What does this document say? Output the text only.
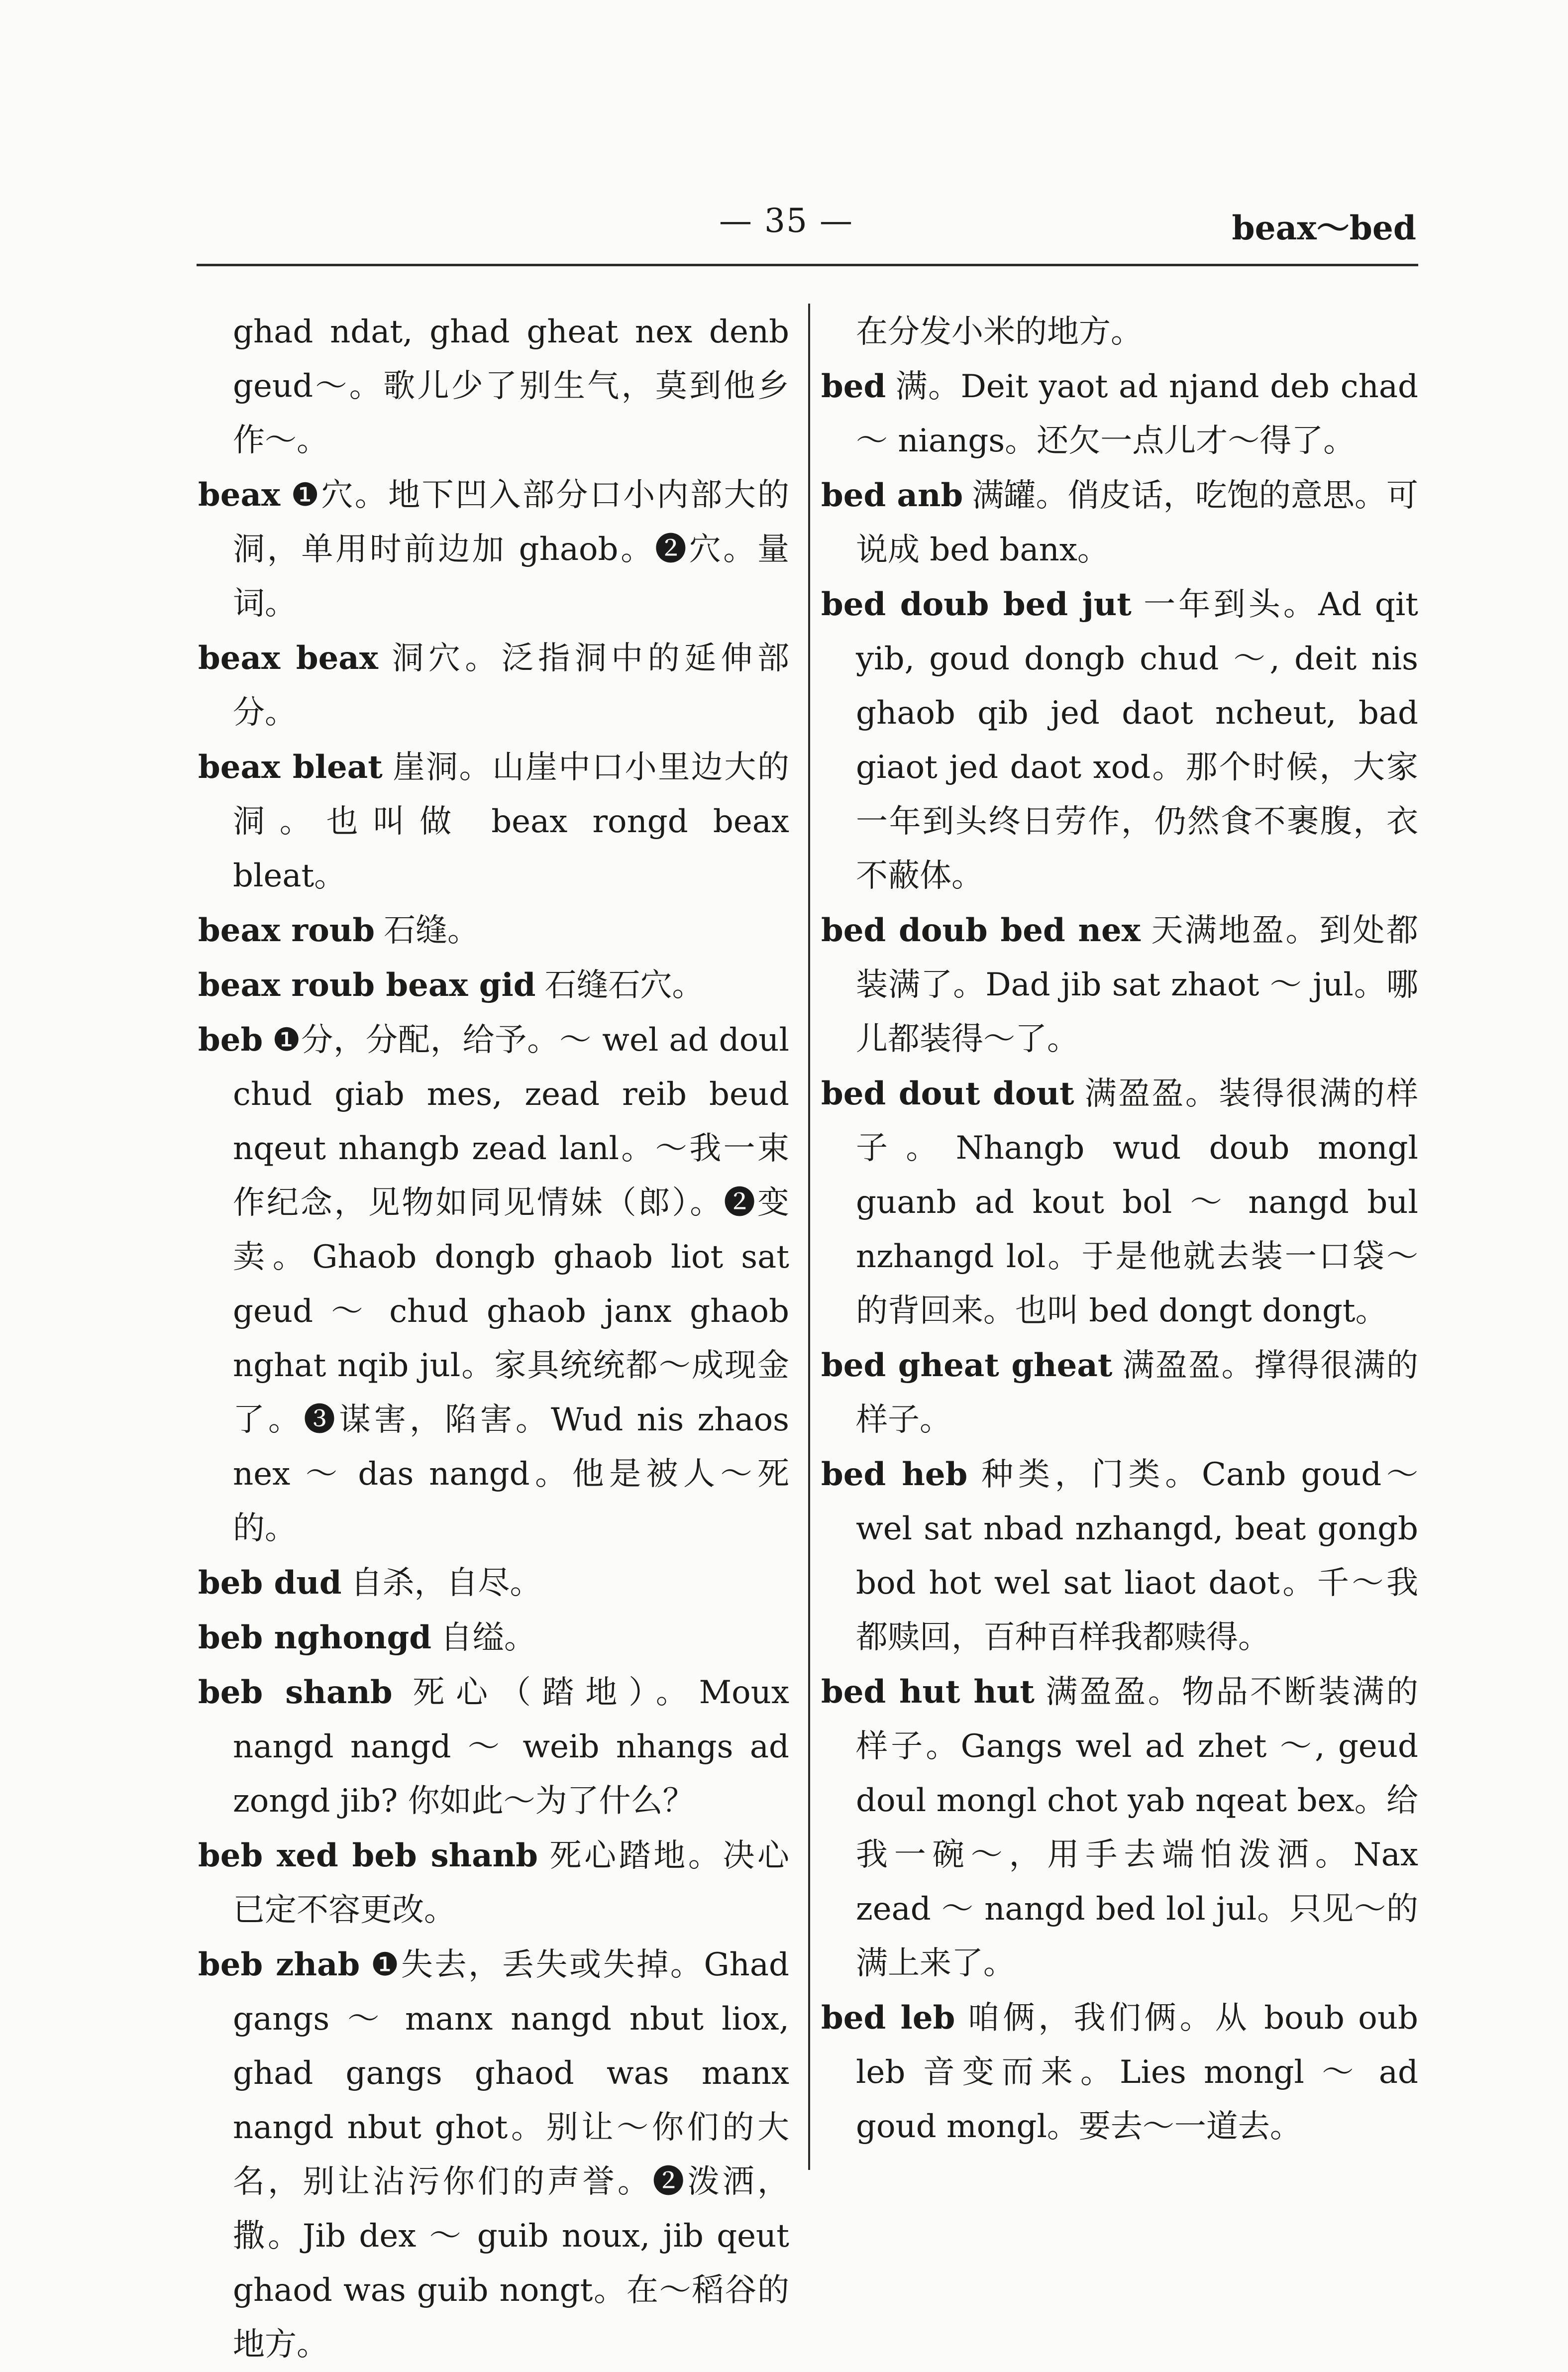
— 35 —	beax～bed

ghad ndat, ghad gheat nex denb geud～。歌儿少了别生气，莫到他乡作～。

beax ❶穴。地下凹入部分口小内部大的洞，单用时前边加 ghaob。❷穴。量词。

beax beax 洞穴。泛指洞中的延伸部分。

beax bleat 崖洞。山崖中口小里边大的洞。也叫做 beax rongd beax bleat。

beax roub 石缝。

beax roub beax gid 石缝石穴。

beb ❶分，分配，给予。～ wel ad doul chud giab mes, zead reib beud nqeut nhangb zead lanl。～我一束作纪念，见物如同见情妹（郎）。❷变卖。Ghaob dongb ghaob liot sat geud ～ chud ghaob janx ghaob nghat nqib jul。家具统统都～成现金了。❸谋害，陷害。Wud nis zhaos nex ～ das nangd。他是被人～死的。

beb dud 自杀，自尽。

beb nghongd 自缢。

beb shanb 死心（踏地）。Moux nangd nangd ～ weib nhangs ad zongd jib? 你如此～为了什么？

beb xed beb shanb 死心踏地。决心已定不容更改。

beb zhab ❶失去，丢失或失掉。Ghad gangs ～ manx nangd nbut liox, ghad gangs ghaod was manx nangd nbut ghot。别让～你们的大名，别让沾污你们的声誉。❷泼洒，撒。Jib dex ～ guib noux, jib qeut ghaod was guib nongt。在～稻谷的地方。

在分发小米的地方。

bed 满。Deit yaot ad njand deb chad ～ niangs。还欠一点儿才～得了。

bed anb 满罐。俏皮话，吃饱的意思。可说成 bed banx。

bed doub bed jut 一年到头。Ad qit yib, goud dongb chud ～, deit nis ghaob qib jed daot ncheut, bad giaot jed daot xod。那个时候，大家一年到头终日劳作，仍然食不裹腹，衣不蔽体。

bed doub bed nex 天满地盈。到处都装满了。Dad jib sat zhaot ～ jul。哪儿都装得～了。

bed dout dout 满盈盈。装得很满的样子。Nhangb wud doub mongl guanb ad kout bol ～ nangd bul nzhangd lol。于是他就去装一口袋～的背回来。也叫 bed dongt dongt。

bed gheat gheat 满盈盈。撑得很满的样子。

bed heb 种类，门类。Canb goud～wel sat nbad nzhangd, beat gongb bod hot wel sat liaot daot。千～我都赎回，百种百样我都赎得。

bed hut hut 满盈盈。物品不断装满的样子。Gangs wel ad zhet ～, geud doul mongl chot yab nqeat bex。给我一碗～，用手去端怕泼洒。Nax zead ～ nangd bed lol jul。只见～的满上来了。

bed leb 咱俩，我们俩。从 boub oub leb 音变而来。Lies mongl ～ ad goud mongl。要去～一道去。
